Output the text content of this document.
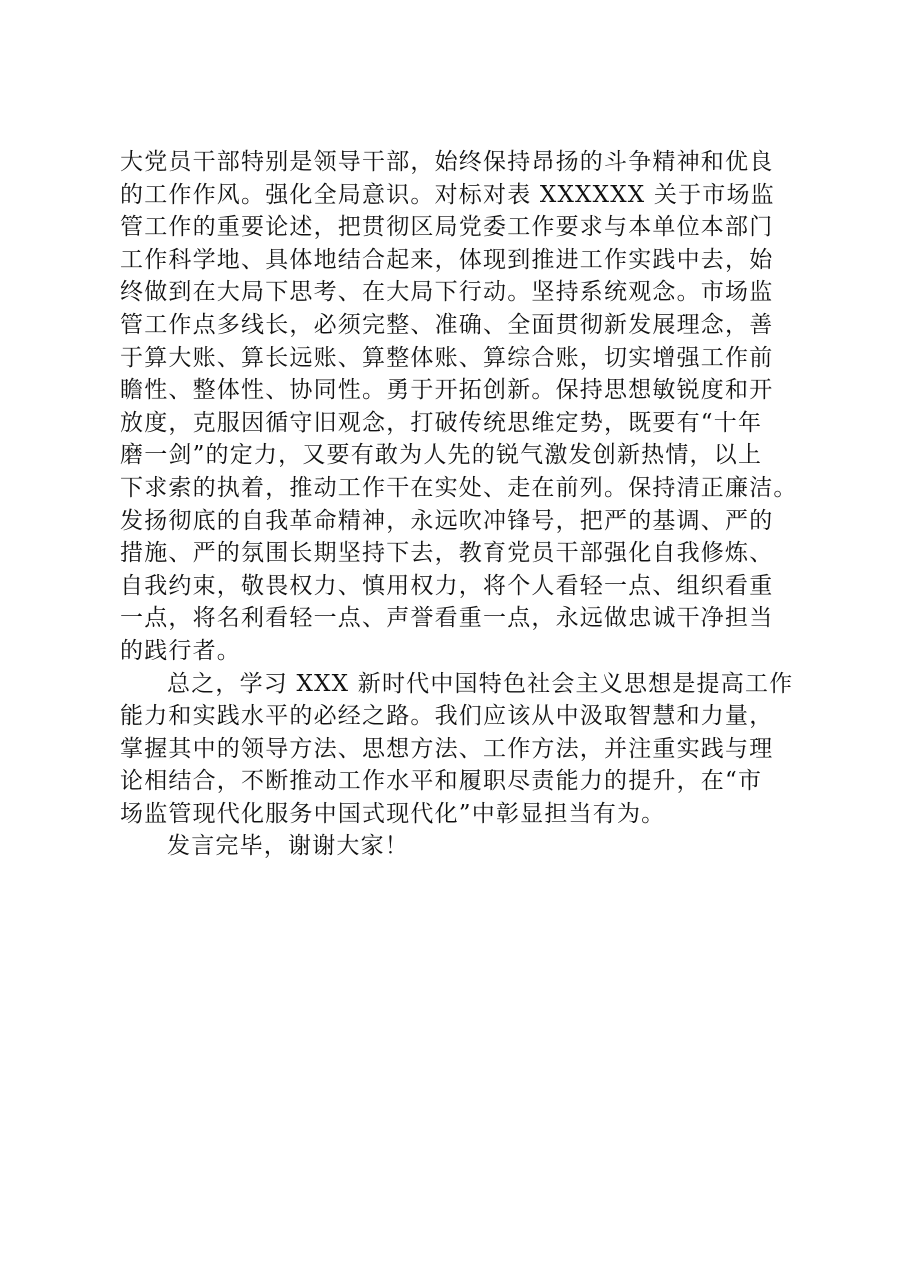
大党员干部特别是领导干部，始终保持昂扬的斗争精神和优良
的工作作风。强化全局意识。对标对表 XXXXXX 关于市场监
管工作的重要论述，把贯彻区局党委工作要求与本单位本部门
工作科学地、具体地结合起来，体现到推进工作实践中去，始
终做到在大局下思考、在大局下行动。坚持系统观念。市场监
管工作点多线长，必须完整、准确、全面贯彻新发展理念，善
于算大账、算长远账、算整体账、算综合账，切实增强工作前
瞻性、整体性、协同性。勇于开拓创新。保持思想敏锐度和开
放度，克服因循守旧观念，打破传统思维定势，既要有“十年
磨一剑”的定力，又要有敢为人先的锐气激发创新热情，以上
下求索的执着，推动工作干在实处、走在前列。保持清正廉洁。
发扬彻底的自我革命精神，永远吹冲锋号，把严的基调、严的
措施、严的氛围长期坚持下去，教育党员干部强化自我修炼、
自我约束，敬畏权力、慎用权力，将个人看轻一点、组织看重
一点，将名利看轻一点、声誉看重一点，永远做忠诚干净担当
的践行者。
总之，学习 XXX 新时代中国特色社会主义思想是提高工作
能力和实践水平的必经之路。我们应该从中汲取智慧和力量，
掌握其中的领导方法、思想方法、工作方法，并注重实践与理
论相结合，不断推动工作水平和履职尽责能力的提升，在“市
场监管现代化服务中国式现代化”中彰显担当有为。
发言完毕，谢谢大家！
